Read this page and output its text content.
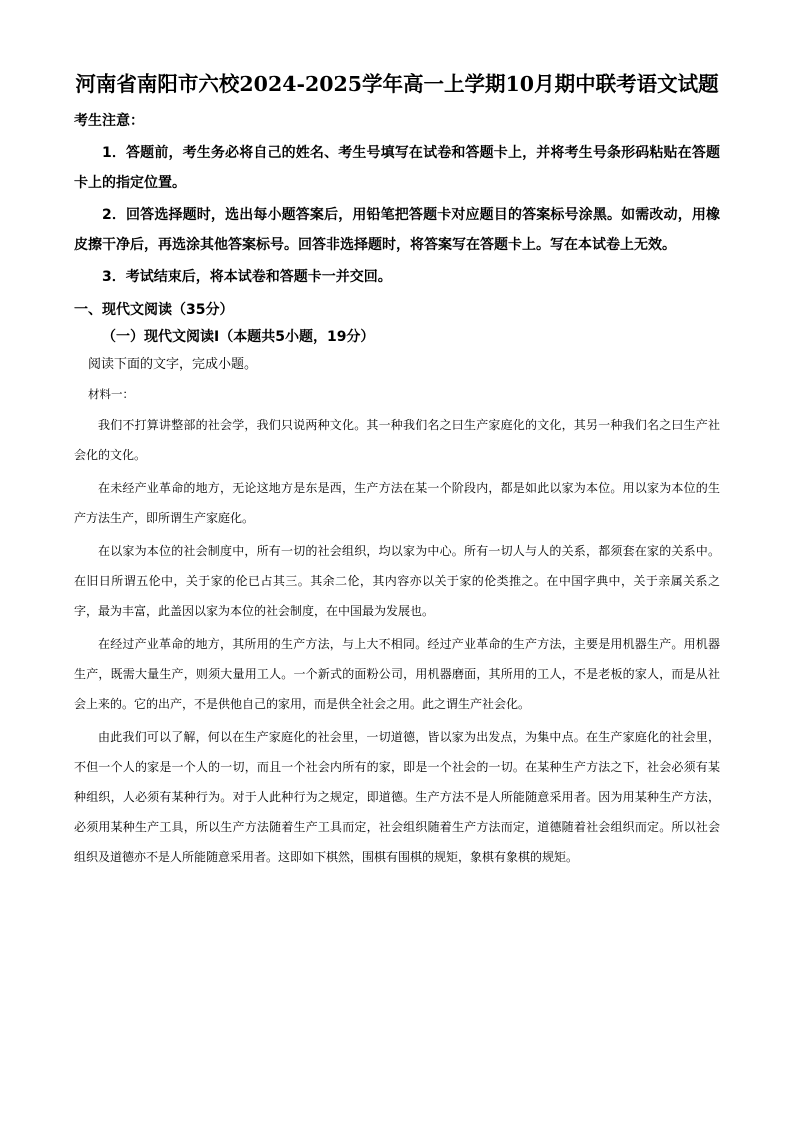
河南省南阳市六校2024-2025学年高一上学期10月期中联考语文试题
考生注意：

1．答题前，考生务必将自己的姓名、考生号填写在试卷和答题卡上，并将考生号条形码粘贴在答题卡上的指定位置。

2．回答选择题时，选出每小题答案后，用铅笔把答题卡对应题目的答案标号涂黑。如需改动，用橡皮擦干净后，再选涂其他答案标号。回答非选择题时，将答案写在答题卡上。写在本试卷上无效。

3．考试结束后，将本试卷和答题卡一并交回。

一、现代文阅读（35分）
（一）现代文阅读Ⅰ（本题共5小题，19分）
阅读下面的文字，完成小题。
材料一：

我们不打算讲整部的社会学，我们只说两种文化。其一种我们名之曰生产家庭化的文化，其另一种我们名之曰生产社会化的文化。

在未经产业革命的地方，无论这地方是东是西，生产方法在某一个阶段内，都是如此以家为本位。用以家为本位的生产方法生产，即所谓生产家庭化。

在以家为本位的社会制度中，所有一切的社会组织，均以家为中心。所有一切人与人的关系，都须套在家的关系中。在旧日所谓五伦中，关于家的伦已占其三。其余二伦，其内容亦以关于家的伦类推之。在中国字典中，关于亲属关系之字，最为丰富，此盖因以家为本位的社会制度，在中国最为发展也。

在经过产业革命的地方，其所用的生产方法，与上大不相同。经过产业革命的生产方法，主要是用机器生产。用机器生产，既需大量生产，则须大量用工人。一个新式的面粉公司，用机器磨面，其所用的工人，不是老板的家人，而是从社会上来的。它的出产，不是供他自己的家用，而是供全社会之用。此之谓生产社会化。

由此我们可以了解，何以在生产家庭化的社会里，一切道德，皆以家为出发点，为集中点。在生产家庭化的社会里，不但一个人的家是一个人的一切，而且一个社会内所有的家，即是一个社会的一切。在某种生产方法之下，社会必须有某种组织，人必须有某种行为。对于人此种行为之规定，即道德。生产方法不是人所能随意采用者。因为用某种生产方法，必须用某种生产工具，所以生产方法随着生产工具而定，社会组织随着生产方法而定，道德随着社会组织而定。所以社会组织及道德亦不是人所能随意采用者。这即如下棋然，围棋有围棋的规矩，象棋有象棋的规矩。
